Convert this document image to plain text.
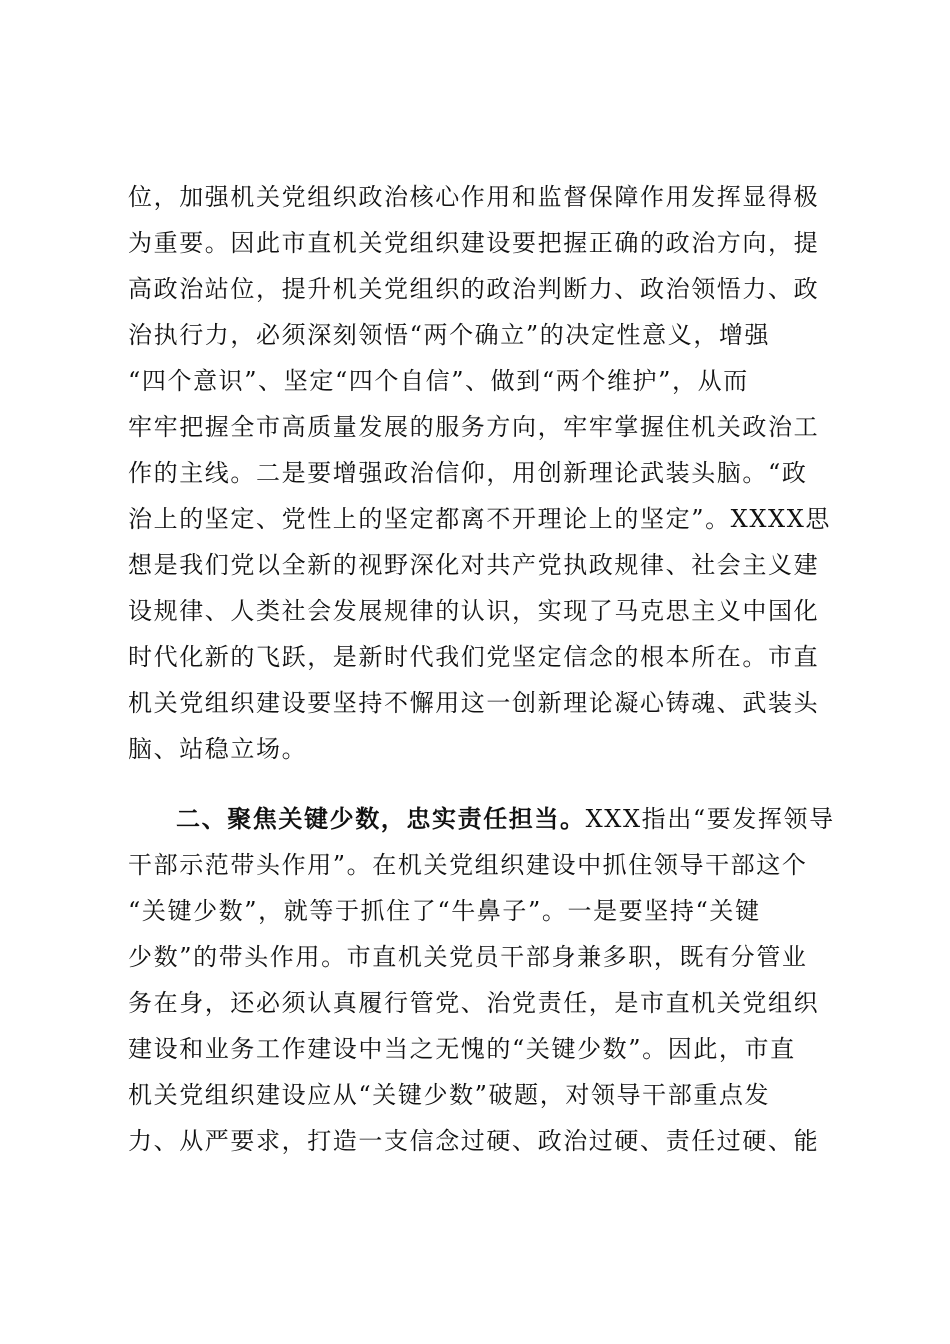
位，加强机关党组织政治核心作用和监督保障作用发挥显得极
为重要。因此市直机关党组织建设要把握正确的政治方向，提
高政治站位，提升机关党组织的政治判断力、政治领悟力、政
治执行力，必须深刻领悟“两个确立”的决定性意义，增强
“四个意识”、坚定“四个自信”、做到“两个维护”，从而
牢牢把握全市高质量发展的服务方向，牢牢掌握住机关政治工
作的主线。二是要增强政治信仰，用创新理论武装头脑。“政
治上的坚定、党性上的坚定都离不开理论上的坚定”。XXXX思
想是我们党以全新的视野深化对共产党执政规律、社会主义建
设规律、人类社会发展规律的认识，实现了马克思主义中国化
时代化新的飞跃，是新时代我们党坚定信念的根本所在。市直
机关党组织建设要坚持不懈用这一创新理论凝心铸魂、武装头
脑、站稳立场。
二、聚焦关键少数，忠实责任担当。XXX指出“要发挥领导
干部示范带头作用”。在机关党组织建设中抓住领导干部这个
“关键少数”，就等于抓住了“牛鼻子”。一是要坚持“关键
少数”的带头作用。市直机关党员干部身兼多职，既有分管业
务在身，还必须认真履行管党、治党责任，是市直机关党组织
建设和业务工作建设中当之无愧的“关键少数”。因此，市直
机关党组织建设应从“关键少数”破题，对领导干部重点发
力、从严要求，打造一支信念过硬、政治过硬、责任过硬、能
